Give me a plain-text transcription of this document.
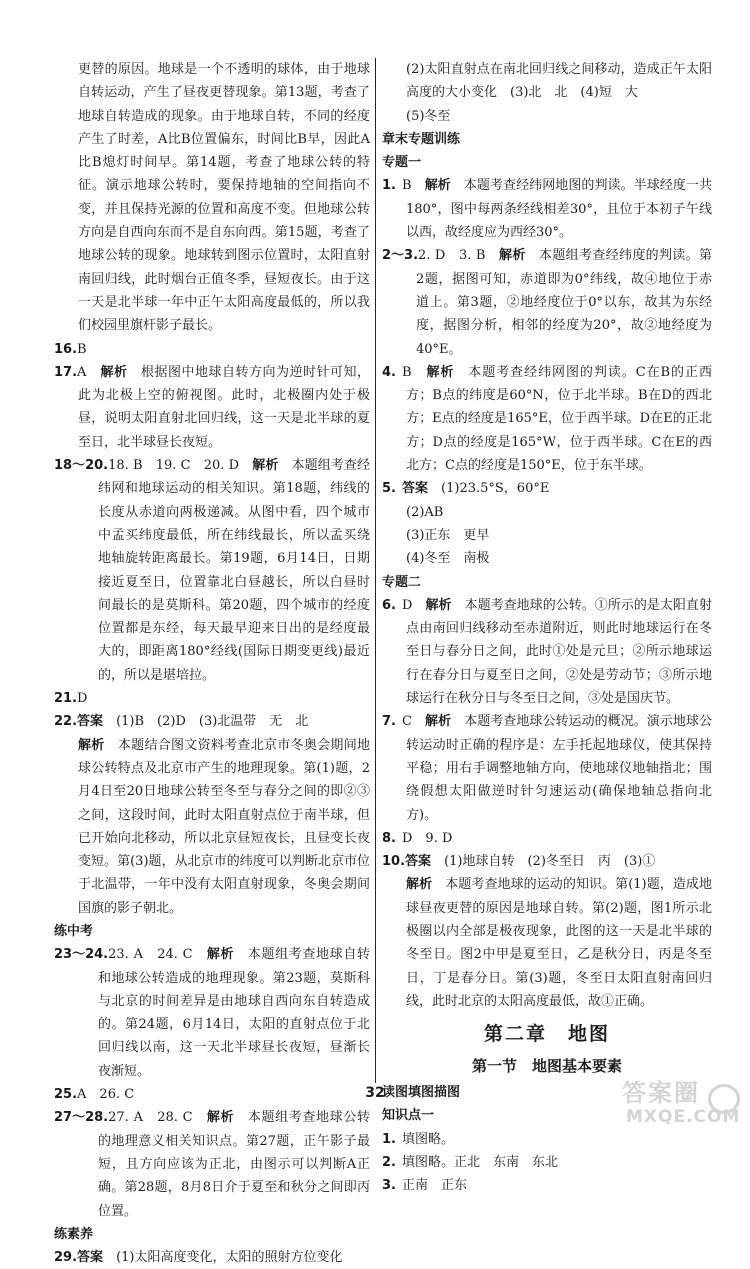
更替的原因。地球是一个不透明的球体，由于地球自转运动，产生了昼夜更替现象。第13题，考查了地球自转造成的现象。由于地球自转，不同的经度产生了时差，A比B位置偏东，时间比B早，因此A比B熄灯时间早。第14题，考查了地球公转的特征。演示地球公转时，要保持地轴的空间指向不变，并且保持光源的位置和高度不变。但地球公转方向是自西向东而不是自东向西。第15题，考查了地球公转的现象。地球转到图示位置时，太阳直射南回归线，此时烟台正值冬季，昼短夜长。由于这一天是北半球一年中正午太阳高度最低的，所以我们校园里旗杆影子最长。

16.B

17.A　 解析　 根据图中地球自转方向为逆时针可知，此为北极上空的俯视图。此时，北极圈内处于极昼，说明太阳直射北回归线，这一天是北半球的夏至日，北半球昼长夜短。

18～20.18. B　19. C　20. D　 解析　 本题组考查经纬网和地球运动的相关知识。第18题，纬线的长度从赤道向两极递减。从图中看，四个城市中孟买纬度最低，所在纬线最长，所以孟买绕地轴旋转距离最长。第19题，6月14日，日期接近夏至日，位置靠北白昼越长，所以白昼时间最长的是莫斯科。第20题，四个城市的经度位置都是东经，每天最早迎来日出的是经度最大的，即距离180°经线(国际日期变更线)最近的，所以是堪培拉。

21.D

22.答案　 (1)B　(2)D　(3)北温带　无　北

解析　 本题结合图文资料考查北京市冬奥会期间地球公转特点及北京市产生的地理现象。第(1)题，2月4日至20日地球公转至冬至与春分之间的即②③之间，这段时间，此时太阳直射点位于南半球，但已开始向北移动，所以北京昼短夜长，且昼变长夜变短。第(3)题，从北京市的纬度可以判断北京市位于北温带，一年中没有太阳直射现象，冬奥会期间国旗的影子朝北。

练中考

23～24.23. A　24. C　 解析　 本题组考查地球自转和地球公转造成的地理现象。第23题，莫斯科与北京的时间差异是由地球自西向东自转造成的。第24题，6月14日，太阳的直射点位于北回归线以南，这一天北半球昼长夜短，昼渐长夜渐短。

25.A　26. C

27～28.27. A　28. C　 解析　 本题组考查地球公转的地理意义相关知识点。第27题，正午影子最短，且方向应该为正北，由图示可以判断A正确。第28题，8月8日介于夏至和秋分之间即丙位置。

练素养

29.答案　 (1)太阳高度变化，太阳的照射方位变化

(2)太阳直射点在南北回归线之间移动，造成正午太阳高度的大小变化　(3)北　北　(4)短　大

(5)冬至

章末专题训练

专题一

1. B　 解析　 本题考查经纬网地图的判读。半球经度一共180°，图中每两条经线相差30°，且位于本初子午线以西，故经度应为西经30°。

2～3.2. D　3. B　 解析　 本题组考查经纬度的判读。第2题，据图可知，赤道即为0°纬线，故④地位于赤道上。第3题，②地经度位于0°以东，故其为东经度，据图分析，相邻的经度为20°，故②地经度为40°E。

4. B　 解析　 本题考查经纬网图的判读。C在B的正西方；B点的纬度是60°N，位于北半球。B在D的西北方；E点的经度是165°E，位于西半球。D在E的正北方；D点的经度是165°W，位于西半球。C在E的西北方；C点的经度是150°E，位于东半球。

5. 答案　 (1)23.5°S，60°E

(2)AB

(3)正东　更早

(4)冬至　南极

专题二

6. D　 解析　 本题考查地球的公转。①所示的是太阳直射点由南回归线移动至赤道附近，则此时地球运行在冬至日与春分日之间，此时①处是元旦；②所示地球运行在春分日与夏至日之间，②处是劳动节；③所示地球运行在秋分日与冬至日之间，③处是国庆节。

7. C　 解析　 本题考查地球公转运动的概况。演示地球公转运动时正确的程序是：左手托起地球仪，使其保持平稳；用右手调整地轴方向，使地球仪地轴指北；围绕假想太阳做逆时针匀速运动(确保地轴总指向北方)。

8. D　9. D

10.答案　 (1)地球自转　(2)冬至日　丙　(3)①

解析　 本题考查地球的运动的知识。第(1)题，造成地球昼夜更替的原因是地球自转。第(2)题，图1所示北极圈以内全部是极夜现象，此图的这一天是北半球的冬至日。图2中甲是夏至日，乙是秋分日，丙是冬至日，丁是春分日。第(3)题，冬至日太阳直射南回归线，此时北京的太阳高度最低，故①正确。

第二章　地图
第一节　地图基本要素

读图填图描图

知识点一

1. 填图略。

2. 填图略。正北　东南　东北

3. 正南　正东

32	答案圈
MXQE.COM
